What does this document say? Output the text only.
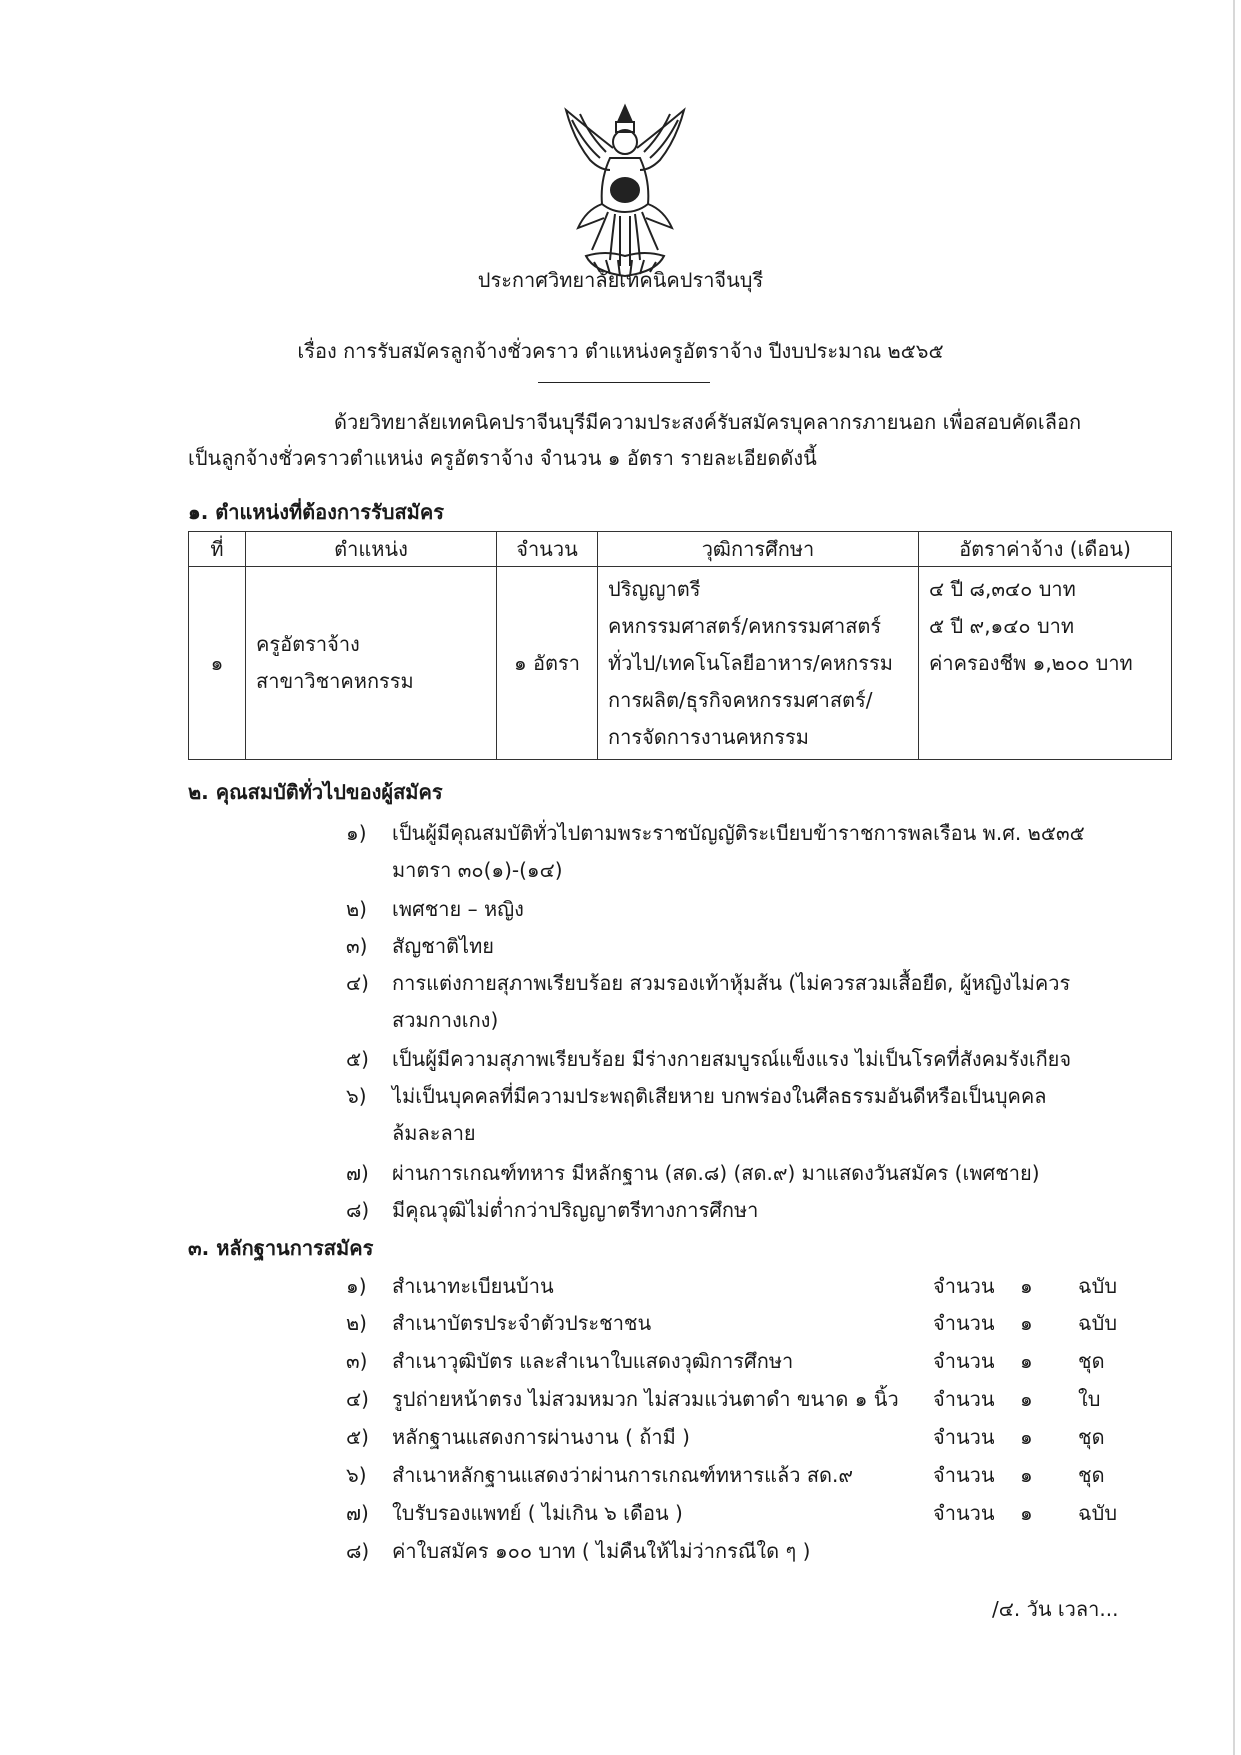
ประกาศวิทยาลัยเทคนิคปราจีนบุรี
เรื่อง การรับสมัครลูกจ้างชั่วคราว ตำแหน่งครูอัตราจ้าง ปีงบประมาณ ๒๕๖๕
ด้วยวิทยาลัยเทคนิคปราจีนบุรีมีความประสงค์รับสมัครบุคลากรภายนอก เพื่อสอบคัดเลือก
เป็นลูกจ้างชั่วคราวตำแหน่ง ครูอัตราจ้าง จำนวน ๑ อัตรา รายละเอียดดังนี้
๑. ตำแหน่งที่ต้องการรับสมัคร
ที่	ตำแหน่ง	จำนวน	วุฒิการศึกษา	อัตราค่าจ้าง (เดือน)
๑	ครูอัตราจ้าง
สาขาวิชาคหกรรม	๑ อัตรา	ปริญญาตรี
คหกรรมศาสตร์/คหกรรมศาสตร์
ทั่วไป/เทคโนโลยีอาหาร/คหกรรม
การผลิต/ธุรกิจคหกรรมศาสตร์/
การจัดการงานคหกรรม	๔ ปี ๘,๓๔๐ บาท
๕ ปี ๙,๑๔๐ บาท
ค่าครองชีพ ๑,๒๐๐ บาท
๒. คุณสมบัติทั่วไปของผู้สมัคร
๑) เป็นผู้มีคุณสมบัติทั่วไปตามพระราชบัญญัติระเบียบข้าราชการพลเรือน พ.ศ. ๒๕๓๕
มาตรา ๓๐(๑)-(๑๔)
๒) เพศชาย – หญิง
๓) สัญชาติไทย
๔) การแต่งกายสุภาพเรียบร้อย สวมรองเท้าหุ้มส้น (ไม่ควรสวมเสื้อยืด, ผู้หญิงไม่ควร
สวมกางเกง)
๕) เป็นผู้มีความสุภาพเรียบร้อย มีร่างกายสมบูรณ์แข็งแรง ไม่เป็นโรคที่สังคมรังเกียจ
๖) ไม่เป็นบุคคลที่มีความประพฤติเสียหาย บกพร่องในศีลธรรมอันดีหรือเป็นบุคคล
ล้มละลาย
๗) ผ่านการเกณฑ์ทหาร มีหลักฐาน (สด.๘) (สด.๙) มาแสดงวันสมัคร (เพศชาย)
๘) มีคุณวุฒิไม่ต่ำกว่าปริญญาตรีทางการศึกษา
๓. หลักฐานการสมัคร
๑) สำเนาทะเบียนบ้าน	จำนวน ๑ ฉบับ
๒) สำเนาบัตรประจำตัวประชาชน	จำนวน ๑ ฉบับ
๓) สำเนาวุฒิบัตร และสำเนาใบแสดงวุฒิการศึกษา	จำนวน ๑ ชุด
๔) รูปถ่ายหน้าตรง ไม่สวมหมวก ไม่สวมแว่นตาดำ ขนาด ๑ นิ้ว จำนวน ๑ ใบ
๕) หลักฐานแสดงการผ่านงาน ( ถ้ามี )	จำนวน ๑ ชุด
๖) สำเนาหลักฐานแสดงว่าผ่านการเกณฑ์ทหารแล้ว สด.๙	จำนวน ๑ ชุด
๗) ใบรับรองแพทย์ ( ไม่เกิน ๖ เดือน )	จำนวน ๑ ฉบับ
๘) ค่าใบสมัคร ๑๐๐ บาท ( ไม่คืนให้ไม่ว่ากรณีใด ๆ )
/๔. วัน เวลา...
